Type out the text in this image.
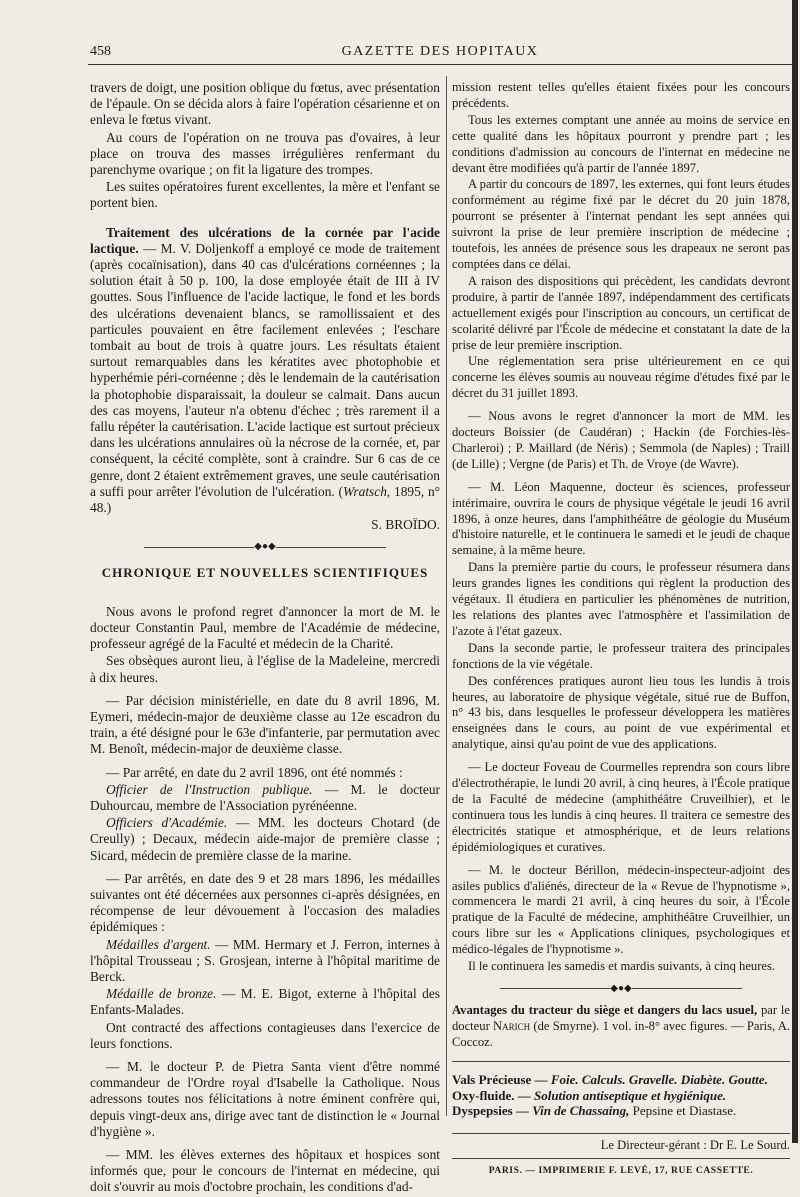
458	GAZETTE DES HOPITAUX

travers de doigt, une position oblique du fœtus, avec présentation de l'épaule. On se décida alors à faire l'opération césarienne et on enleva le fœtus vivant.

Au cours de l'opération on ne trouva pas d'ovaires, à leur place on trouva des masses irrégulières renfermant du parenchyme ovarique ; on fit la ligature des trompes.

Les suites opératoires furent excellentes, la mère et l'enfant se portent bien.

Traitement des ulcérations de la cornée par l'acide lactique. — M. V. Doljenkoff a employé ce mode de traitement (après cocaïnisation), dans 40 cas d'ulcérations cornéennes ; la solution était à 50 p. 100, la dose employée était de III à IV gouttes. Sous l'influence de l'acide lactique, le fond et les bords des ulcérations devenaient blancs, se ramollissaient et des particules pouvaient en être facilement enlevées ; l'eschare tombait au bout de trois à quatre jours. Les résultats étaient surtout remarquables dans les kératites avec photophobie et hyperhémie péri-cornéenne ; dès le lendemain de la cautérisation la photophobie disparaissait, la douleur se calmait. Dans aucun des cas moyens, l'auteur n'a obtenu d'échec ; très rarement il a fallu répéter la cautérisation. L'acide lactique est surtout précieux dans les ulcérations annulaires où la nécrose de la cornée, et, par conséquent, la cécité complète, sont à craindre. Sur 6 cas de ce genre, dont 2 étaient extrêmement graves, une seule cautérisation a suffi pour arrêter l'évolution de l'ulcération. (Wratsch, 1895, n° 48.)

S. BROÏDO.
◆●◆

CHRONIQUE ET NOUVELLES SCIENTIFIQUES

Nous avons le profond regret d'annoncer la mort de M. le docteur Constantin Paul, membre de l'Académie de médecine, professeur agrégé de la Faculté et médecin de la Charité.

Ses obsèques auront lieu, à l'église de la Madeleine, mercredi à dix heures.

— Par décision ministérielle, en date du 8 avril 1896, M. Eymeri, médecin-major de deuxième classe au 12e escadron du train, a été désigné pour le 63e d'infanterie, par permutation avec M. Benoît, médecin-major de deuxième classe.

— Par arrêté, en date du 2 avril 1896, ont été nommés :

Officier de l'Instruction publique. — M. le docteur Duhourcau, membre de l'Association pyrénéenne.

Officiers d'Académie. — MM. les docteurs Chotard (de Creully) ; Decaux, médecin aide-major de première classe ; Sicard, médecin de première classe de la marine.

— Par arrêtés, en date des 9 et 28 mars 1896, les médailles suivantes ont été décernées aux personnes ci-après désignées, en récompense de leur dévouement à l'occasion des maladies épidémiques :

Médailles d'argent. — MM. Hermary et J. Ferron, internes à l'hôpital Trousseau ; S. Grosjean, interne à l'hôpital maritime de Berck.

Médaille de bronze. — M. E. Bigot, externe à l'hôpital des Enfants-Malades.

Ont contracté des affections contagieuses dans l'exercice de leurs fonctions.

— M. le docteur P. de Pietra Santa vient d'être nommé commandeur de l'Ordre royal d'Isabelle la Catholique. Nous adressons toutes nos félicitations à notre éminent confrère qui, depuis vingt-deux ans, dirige avec tant de distinction le « Journal d'hygiène ».

— MM. les élèves externes des hôpitaux et hospices sont informés que, pour le concours de l'internat en médecine, qui doit s'ouvrir au mois d'octobre prochain, les conditions d'ad-

mission restent telles qu'elles étaient fixées pour les concours précédents.

Tous les externes comptant une année au moins de service en cette qualité dans les hôpitaux pourront y prendre part ; les conditions d'admission au concours de l'internat en médecine ne devant être modifiées qu'à partir de l'année 1897.

A partir du concours de 1897, les externes, qui font leurs études conformément au régime fixé par le décret du 20 juin 1878, pourront se présenter à l'internat pendant les sept années qui suivront la prise de leur première inscription de médecine ; toutefois, les années de présence sous les drapeaux ne seront pas comptées dans ce délai.

A raison des dispositions qui précèdent, les candidats devront produire, à partir de l'année 1897, indépendamment des certificats actuellement exigés pour l'inscription au concours, un certificat de scolarité délivré par l'École de médecine et constatant la date de la prise de leur première inscription.

Une réglementation sera prise ultérieurement en ce qui concerne les élèves soumis au nouveau régime d'études fixé par le décret du 31 juillet 1893.

— Nous avons le regret d'annoncer la mort de MM. les docteurs Boissier (de Caudéran) ; Hackin (de Forchies-lès-Charleroi) ; P. Maillard (de Néris) ; Semmola (de Naples) ; Traill (de Lille) ; Vergne (de Paris) et Th. de Vroye (de Wavre).

— M. Léon Maquenne, docteur ès sciences, professeur intérimaire, ouvrira le cours de physique végétale le jeudi 16 avril 1896, à onze heures, dans l'amphithéâtre de géologie du Muséum d'histoire naturelle, et le continuera le samedi et le jeudi de chaque semaine, à la même heure.

Dans la première partie du cours, le professeur résumera dans leurs grandes lignes les conditions qui règlent la production des végétaux. Il étudiera en particulier les phénomènes de nutrition, les relations des plantes avec l'atmosphère et l'assimilation de l'azote à l'état gazeux.

Dans la seconde partie, le professeur traitera des principales fonctions de la vie végétale.

Des conférences pratiques auront lieu tous les lundis à trois heures, au laboratoire de physique végétale, situé rue de Buffon, n° 43 bis, dans lesquelles le professeur développera les matières enseignées dans le cours, au point de vue expérimental et analytique, ainsi qu'au point de vue des applications.

— Le docteur Foveau de Courmelles reprendra son cours libre d'électrothérapie, le lundi 20 avril, à cinq heures, à l'École pratique de la Faculté de médecine (amphithéâtre Cruveilhier), et le continuera tous les lundis à cinq heures. Il traitera ce semestre des électricités statique et atmosphérique, et de leurs relations épidémiologiques et curatives.

— M. le docteur Bérillon, médecin-inspecteur-adjoint des asiles publics d'aliénés, directeur de la « Revue de l'hypnotisme », commencera le mardi 21 avril, à cinq heures du soir, à l'École pratique de la Faculté de médecine, amphithéâtre Cruveilhier, un cours libre sur les « Applications cliniques, psychologiques et médico-légales de l'hypnotisme ».

Il le continuera les samedis et mardis suivants, à cinq heures.

◆●◆

Avantages du tracteur du siège et dangers du lacs usuel, par le docteur Narich (de Smyrne). 1 vol. in-8° avec figures. — Paris, A. Coccoz.

Vals Précieuse — Foie. Calculs. Gravelle. Diabète. Goutte.

Oxy-fluide. — Solution antiseptique et hygiénique.

Dyspepsies — Vin de Chassaing, Pepsine et Diastase.

Le Directeur-gérant : Dr E. Le Sourd.

PARIS. — IMPRIMERIE F. LEVÉ, 17, RUE CASSETTE.
